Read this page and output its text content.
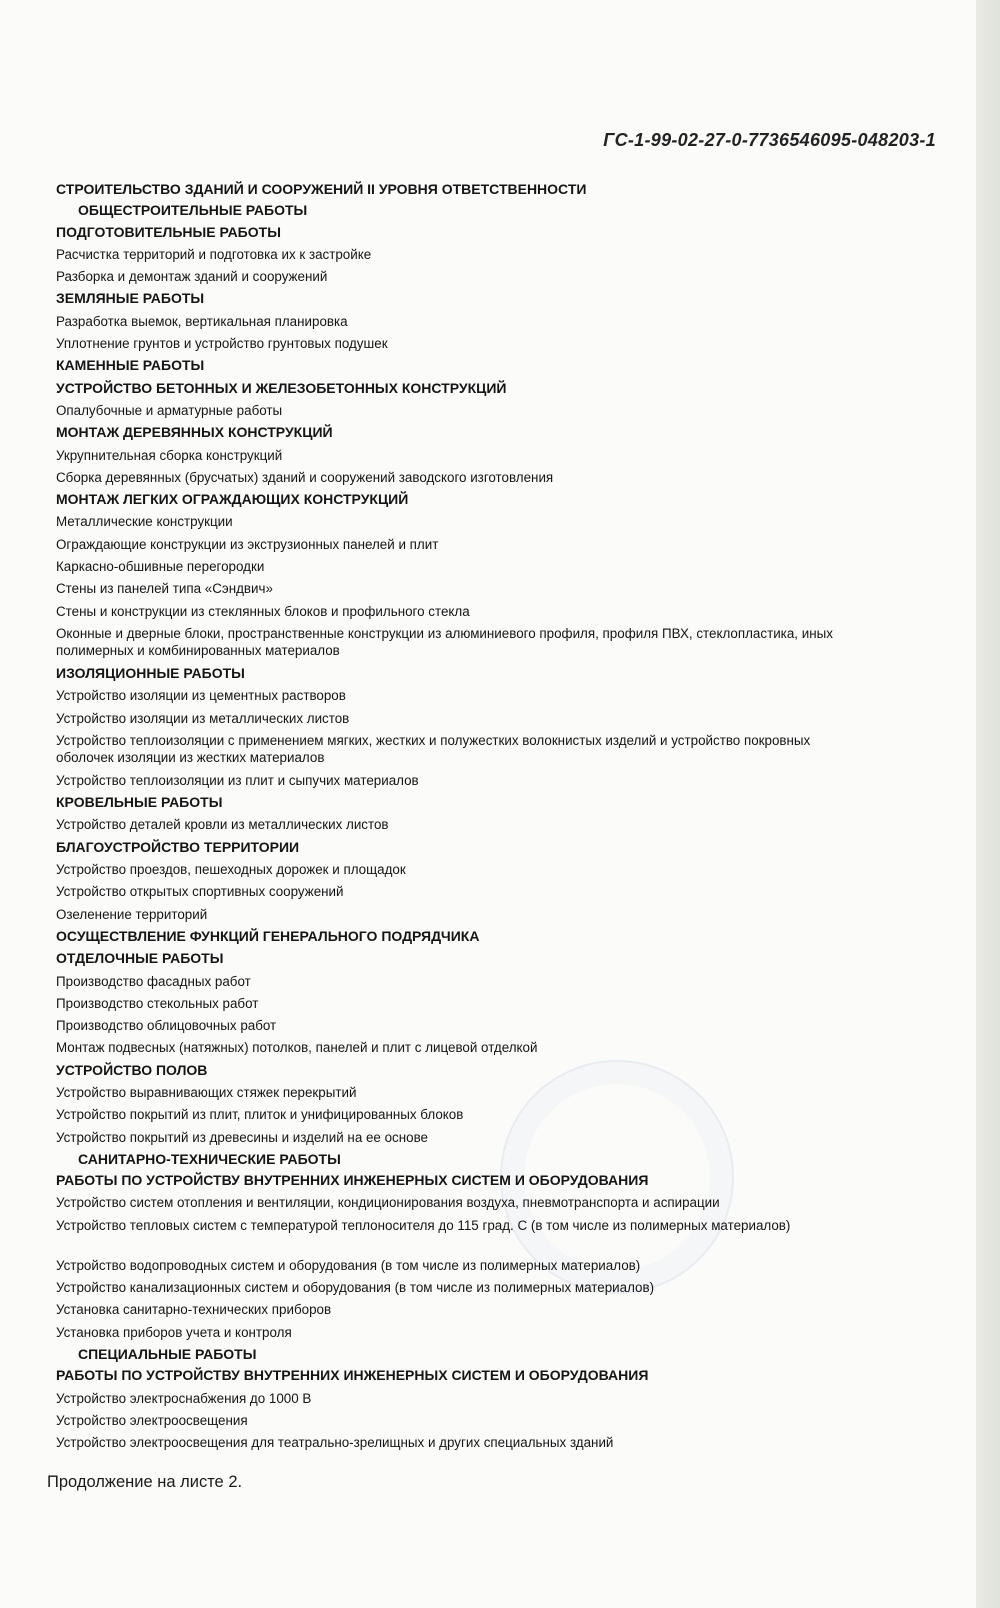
ГС-1-99-02-27-0-7736546095-048203-1
СТРОИТЕЛЬСТВО ЗДАНИЙ И СООРУЖЕНИЙ II УРОВНЯ ОТВЕТСТВЕННОСТИ
ОБЩЕСТРОИТЕЛЬНЫЕ РАБОТЫ
ПОДГОТОВИТЕЛЬНЫЕ РАБОТЫ
Расчистка территорий и подготовка их к застройке
Разборка и демонтаж зданий и сооружений
ЗЕМЛЯНЫЕ РАБОТЫ
Разработка выемок, вертикальная планировка
Уплотнение грунтов и устройство грунтовых подушек
КАМЕННЫЕ РАБОТЫ
УСТРОЙСТВО БЕТОННЫХ И ЖЕЛЕЗОБЕТОННЫХ КОНСТРУКЦИЙ
Опалубочные и арматурные работы
МОНТАЖ ДЕРЕВЯННЫХ КОНСТРУКЦИЙ
Укрупнительная сборка конструкций
Сборка деревянных (брусчатых) зданий и сооружений заводского изготовления
МОНТАЖ ЛЕГКИХ ОГРАЖДАЮЩИХ КОНСТРУКЦИЙ
Металлические конструкции
Ограждающие конструкции из экструзионных панелей и плит
Каркасно-обшивные перегородки
Стены из панелей типа «Сэндвич»
Стены и конструкции из стеклянных блоков и профильного стекла
Оконные и дверные блоки, пространственные конструкции из алюминиевого профиля, профиля ПВХ, стеклопластика, иных полимерных и комбинированных материалов
ИЗОЛЯЦИОННЫЕ РАБОТЫ
Устройство изоляции из цементных растворов
Устройство изоляции из металлических листов
Устройство теплоизоляции с применением мягких, жестких и полужестких волокнистых изделий и устройство покровных оболочек изоляции из жестких материалов
Устройство теплоизоляции из плит и сыпучих материалов
КРОВЕЛЬНЫЕ РАБОТЫ
Устройство деталей кровли из металлических листов
БЛАГОУСТРОЙСТВО ТЕРРИТОРИИ
Устройство проездов, пешеходных дорожек и площадок
Устройство открытых спортивных сооружений
Озеленение территорий
ОСУЩЕСТВЛЕНИЕ ФУНКЦИЙ ГЕНЕРАЛЬНОГО ПОДРЯДЧИКА
ОТДЕЛОЧНЫЕ РАБОТЫ
Производство фасадных работ
Производство стекольных работ
Производство облицовочных работ
Монтаж подвесных (натяжных) потолков, панелей и плит с лицевой отделкой
УСТРОЙСТВО ПОЛОВ
Устройство выравнивающих стяжек перекрытий
Устройство покрытий из плит, плиток и унифицированных блоков
Устройство покрытий из древесины и изделий на ее основе
САНИТАРНО-ТЕХНИЧЕСКИЕ РАБОТЫ
РАБОТЫ ПО УСТРОЙСТВУ ВНУТРЕННИХ ИНЖЕНЕРНЫХ СИСТЕМ И ОБОРУДОВАНИЯ
Устройство систем отопления и вентиляции, кондиционирования воздуха, пневмотранспорта и аспирации
Устройство тепловых систем с температурой теплоносителя до 115 град. С (в том числе из полимерных материалов)
Устройство водопроводных систем и оборудования (в том числе из полимерных материалов)
Устройство канализационных систем и оборудования (в том числе из полимерных материалов)
Установка санитарно-технических приборов
Установка приборов учета и контроля
СПЕЦИАЛЬНЫЕ РАБОТЫ
РАБОТЫ ПО УСТРОЙСТВУ ВНУТРЕННИХ ИНЖЕНЕРНЫХ СИСТЕМ И ОБОРУДОВАНИЯ
Устройство электроснабжения до 1000 В
Устройство электроосвещения
Устройство электроосвещения для театрально-зрелищных и других специальных зданий
Продолжение на листе 2.
